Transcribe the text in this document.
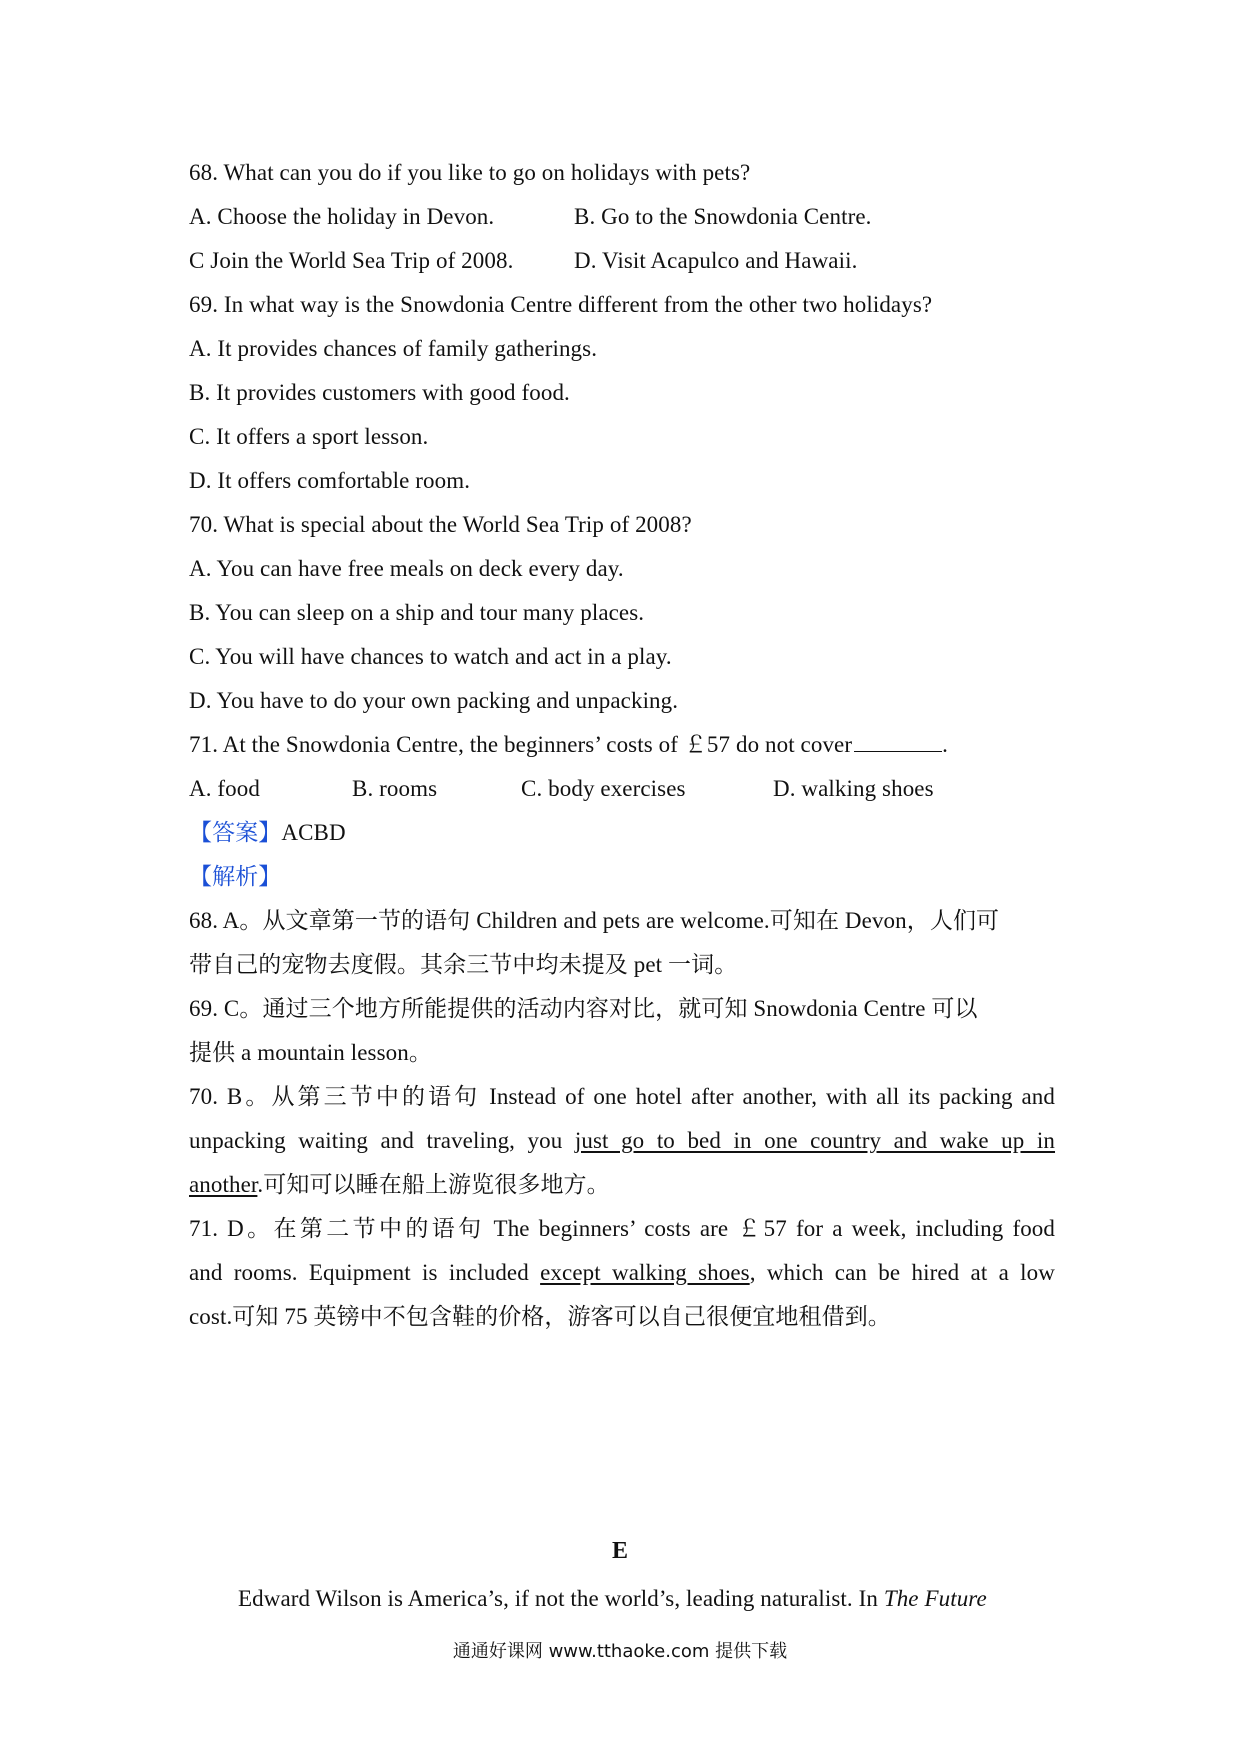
68. What can you do if you like to go on holidays with pets?
A. Choose the holiday in Devon.	B. Go to the Snowdonia Centre.
C Join the World Sea Trip of 2008.	D. Visit Acapulco and Hawaii.
69. In what way is the Snowdonia Centre different from the other two holidays?
A. It provides chances of family gatherings.
B. It provides customers with good food.
C. It offers a sport lesson.
D. It offers comfortable room.
70. What is special about the World Sea Trip of 2008?
A. You can have free meals on deck every day.
B. You can sleep on a ship and tour many places.
C. You will have chances to watch and act in a play.
D. You have to do your own packing and unpacking.
71. At the Snowdonia Centre, the beginners’ costs of ￡57 do not cover	.
A. food	B. rooms	C. body exercises	D. walking shoes
【答案】ACBD
【解析】
68. A。从文章第一节的语句 Children and pets are welcome.可知在 Devon，人们可
带自己的宠物去度假。其余三节中均未提及 pet 一词。
69. C。通过三个地方所能提供的活动内容对比，就可知 Snowdonia Centre 可以
提供 a mountain lesson。
70. B。从第三节中的语句 Instead of one hotel after another, with all its packing and
unpacking waiting and traveling, you just go to bed in one country and wake up in
another.可知可以睡在船上游览很多地方。
71. D。在第二节中的语句 The beginners’ costs are ￡57 for a week, including food
and rooms. Equipment is included except walking shoes, which can be hired at a low
cost.可知 75 英镑中不包含鞋的价格，游客可以自己很便宜地租借到。
E
Edward Wilson is America’s, if not the world’s, leading naturalist. In The Future
通通好课网 www.tthaoke.com 提供下载
